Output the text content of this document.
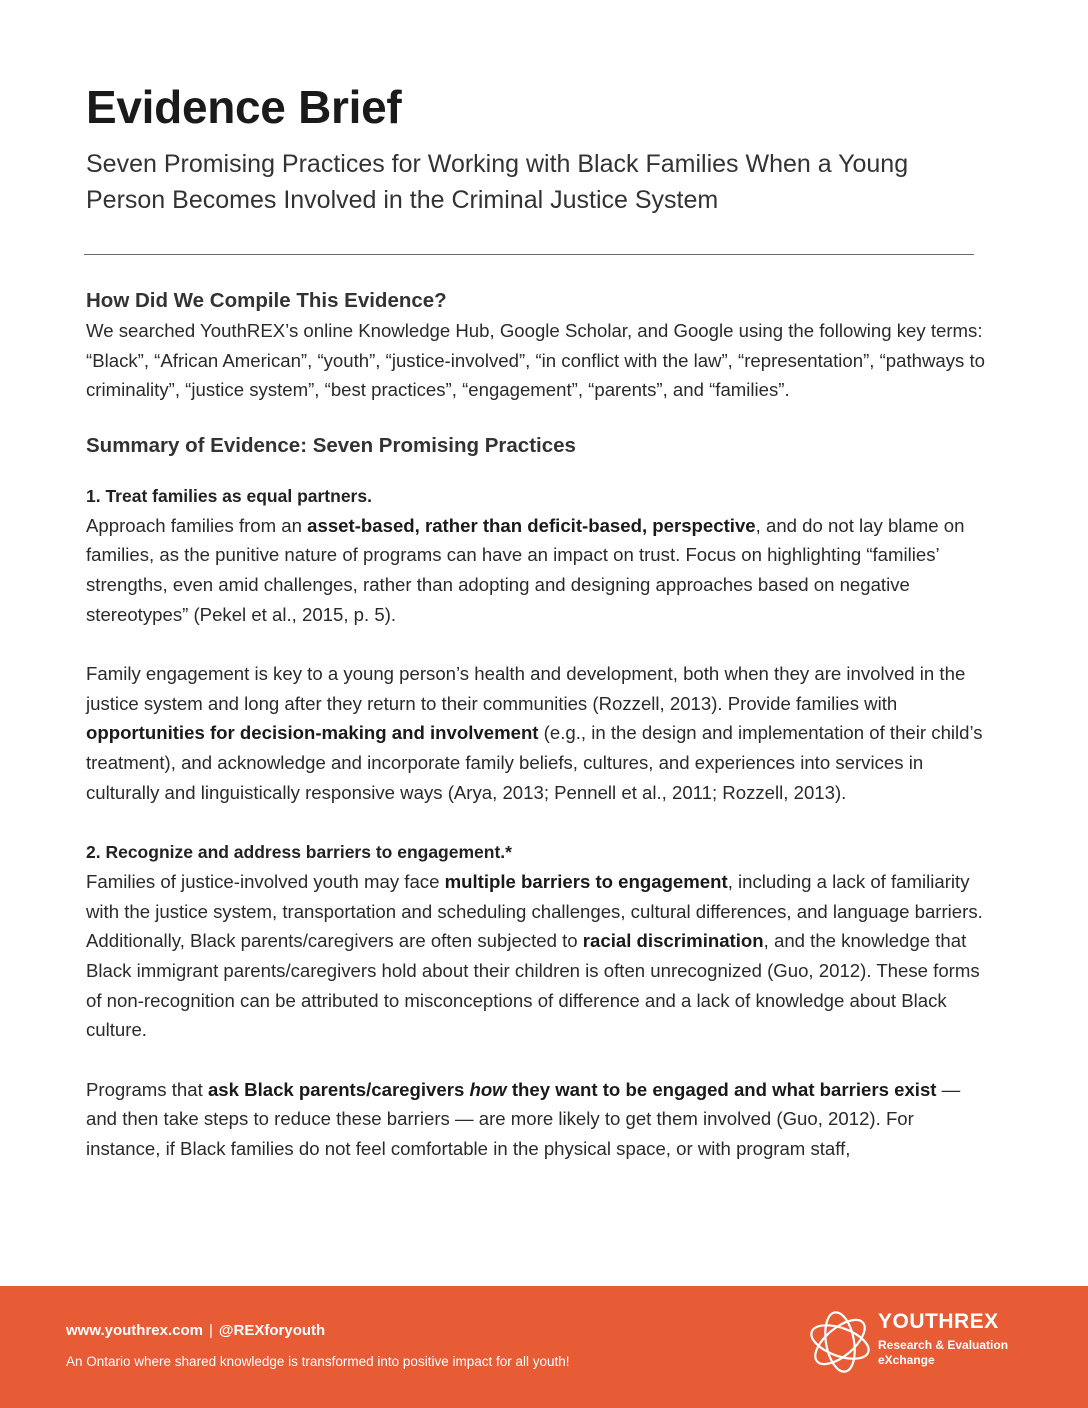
Evidence Brief

Seven Promising Practices for Working with Black Families When a Young Person Becomes Involved in the Criminal Justice System

How Did We Compile This Evidence?

We searched YouthREX’s online Knowledge Hub, Google Scholar, and Google using the following key terms: “Black”, “African American”, “youth”, “justice-involved”, “in conflict with the law”, “representation”, “pathways to criminality”, “justice system”, “best practices”, “engagement”, “parents”, and “families”.

Summary of Evidence: Seven Promising Practices
1. Treat families as equal partners.

Approach families from an asset-based, rather than deficit-based, perspective, and do not lay blame on families, as the punitive nature of programs can have an impact on trust. Focus on highlighting “families’ strengths, even amid challenges, rather than adopting and designing approaches based on negative stereotypes” (Pekel et al., 2015, p. 5).

Family engagement is key to a young person’s health and development, both when they are involved in the justice system and long after they return to their communities (Rozzell, 2013). Provide families with opportunities for decision-making and involvement (e.g., in the design and implementation of their child’s treatment), and acknowledge and incorporate family beliefs, cultures, and experiences into services in culturally and linguistically responsive ways (Arya, 2013; Pennell et al., 2011; Rozzell, 2013).

2. Recognize and address barriers to engagement.*

Families of justice-involved youth may face multiple barriers to engagement, including a lack of familiarity with the justice system, transportation and scheduling challenges, cultural differences, and language barriers. Additionally, Black parents/caregivers are often subjected to racial discrimination, and the knowledge that Black immigrant parents/caregivers hold about their children is often unrecognized (Guo, 2012). These forms of non-recognition can be attributed to misconceptions of difference and a lack of knowledge about Black culture.

Programs that ask Black parents/caregivers how they want to be engaged and what barriers exist — and then take steps to reduce these barriers — are more likely to get them involved (Guo, 2012). For instance, if Black families do not feel comfortable in the physical space, or with program staff,

www.youthrex.com | @REXforyouth
An Ontario where shared knowledge is transformed into positive impact for all youth!
YOUTHREX
Research & Evaluation eXchange
